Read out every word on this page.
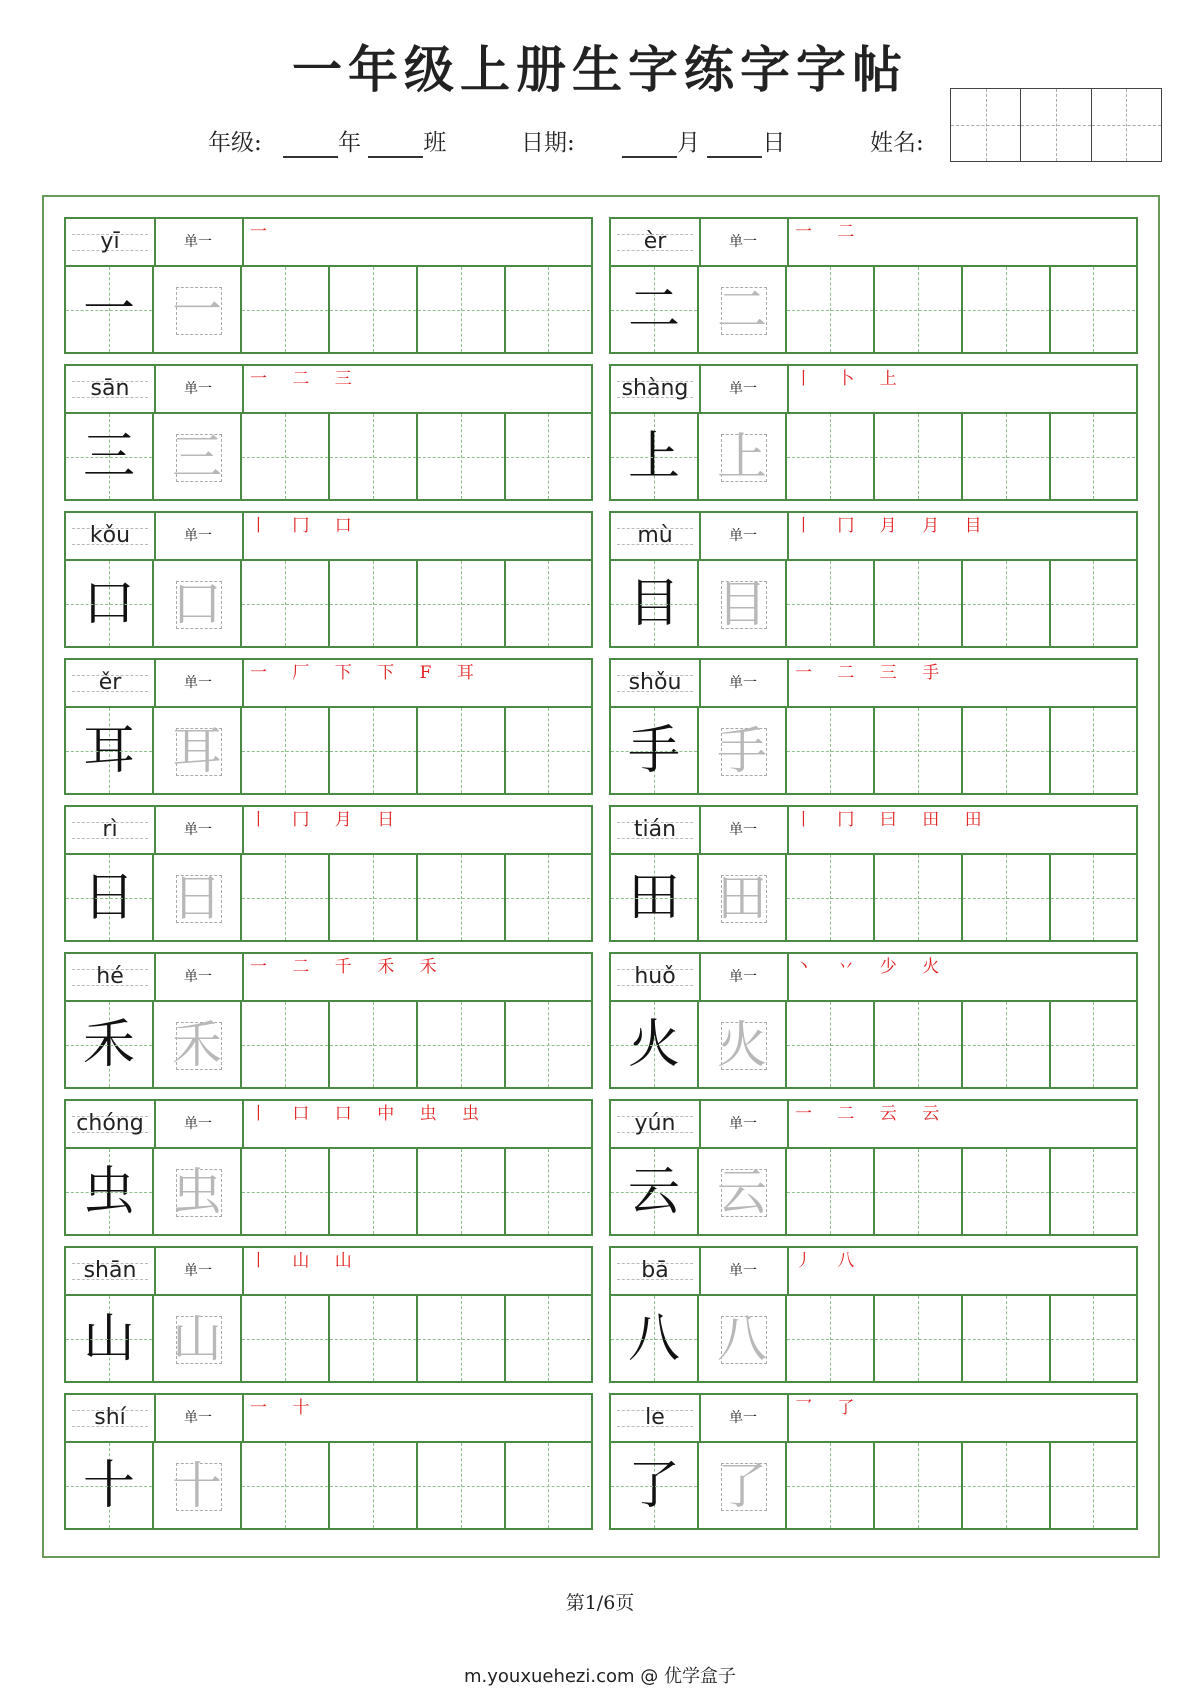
一年级上册生字练字字帖
年级:	年	班	日期:	月	日	姓名:
yī	单一	一
一 一
èr	单一	一 二
二 二
sān	单一	一 二 三
三 三
shàng	单一	丨 卜 上
上 上
kǒu	单一	丨 冂 口
口 口
mù	单一	丨 冂 月 月 目
目 目
ěr	单一	一 厂 下 下 F 耳
耳 耳
shǒu	单一	一 二 三 手
手 手
rì	单一	丨 冂 月 日
日 日
tián	单一	丨 冂 曰 田 田
田 田
hé	单一	一 二 千 禾 禾
禾 禾
huǒ	单一	丶 丷 少 火
火 火
chóng	单一	丨 口 口 中 虫 虫
虫 虫
yún	单一	一 二 云 云
云 云
shān	单一	丨 山 山
山 山
bā	单一	丿 八
八 八
shí	单一	一 十
十 十
le	单一	乛 了
了 了
第1/6页
m.youxuehezi.com @ 优学盒子
